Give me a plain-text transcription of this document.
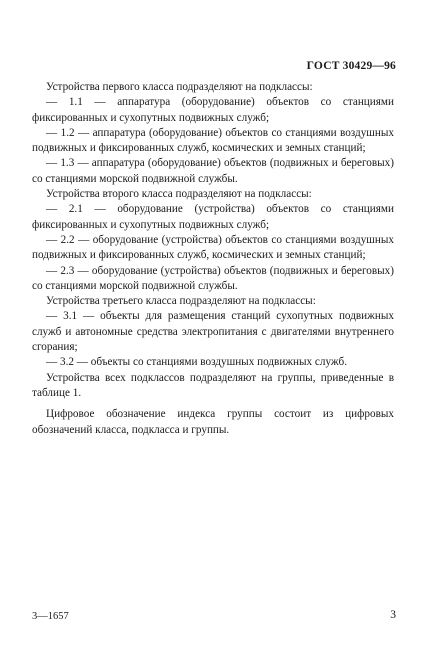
ГОСТ 30429—96

Устройства первого класса подразделяют на подклассы:

— 1.1 — аппаратура (оборудование) объектов со станциями фиксированных и сухопутных подвижных служб;

— 1.2 — аппаратура (оборудование) объектов со станциями воздушных подвижных и фиксированных служб, космических и земных станций;

— 1.3 — аппаратура (оборудование) объектов (подвижных и береговых) со станциями морской подвижной службы.

Устройства второго класса подразделяют на подклассы:

— 2.1 — оборудование (устройства) объектов со станциями фиксированных и сухопутных подвижных служб;

— 2.2 — оборудование (устройства) объектов со станциями воздушных подвижных и фиксированных служб, космических и земных станций;

— 2.3 — оборудование (устройства) объектов (подвижных и береговых) со станциями морской подвижной службы.

Устройства третьего класса подразделяют на подклассы:

— 3.1 — объекты для размещения станций сухопутных подвижных служб и автономные средства электропитания с двигателями внутреннего сгорания;

— 3.2 — объекты со станциями воздушных подвижных служб.

Устройства всех подклассов подразделяют на группы, приведенные в таблице 1.

Цифровое обозначение индекса группы состоит из цифровых обозначений класса, подкласса и группы.

3—1657	3
